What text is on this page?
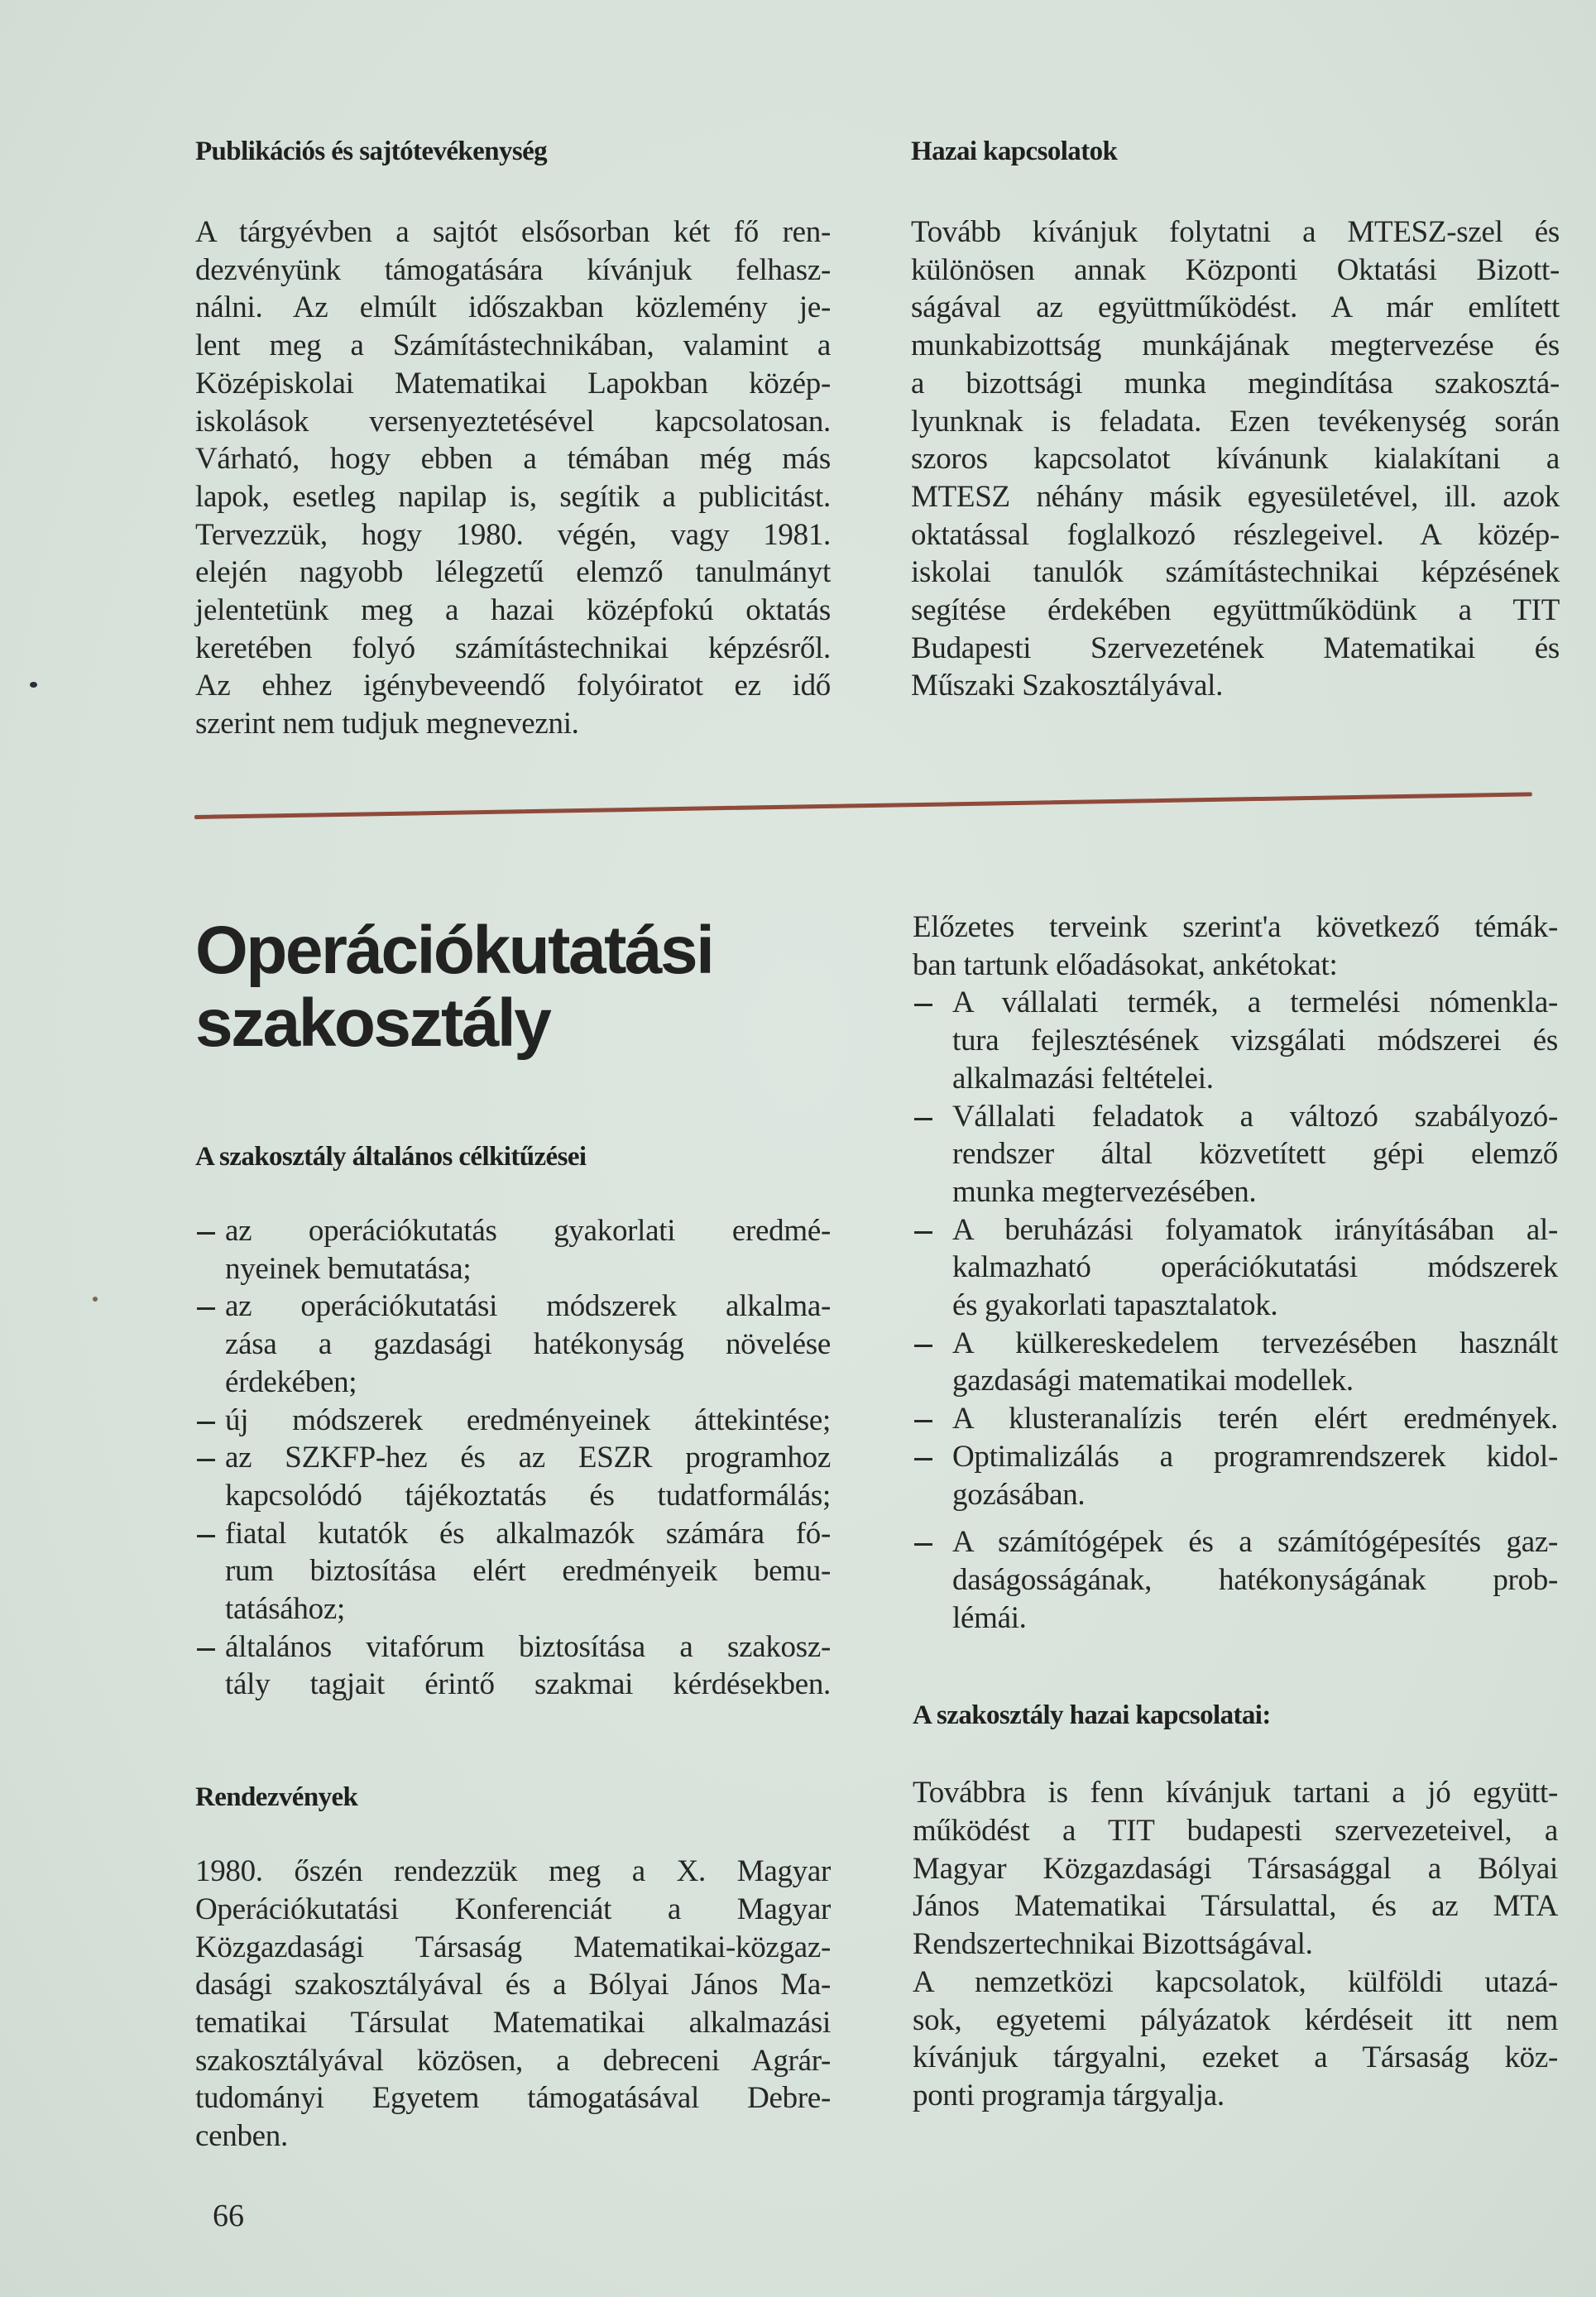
Publikációs és sajtótevékenység
A tárgyévben a sajtót elsősorban két fő ren-
dezvényünk támogatására kívánjuk felhasz-
nálni. Az elmúlt időszakban közlemény je-
lent meg a Számítástechnikában, valamint a
Középiskolai Matematikai Lapokban közép-
iskolások versenyeztetésével kapcsolatosan.
Várható, hogy ebben a témában még más
lapok, esetleg napilap is, segítik a publicitást.
Tervezzük, hogy 1980. végén, vagy 1981.
elején nagyobb lélegzetű elemző tanulmányt
jelentetünk meg a hazai középfokú oktatás
keretében folyó számítástechnikai képzésről.
Az ehhez igénybeveendő folyóiratot ez idő
szerint nem tudjuk megnevezni.
Hazai kapcsolatok
Tovább kívánjuk folytatni a MTESZ-szel és
különösen annak Központi Oktatási Bizott-
ságával az együttműködést. A már említett
munkabizottság munkájának megtervezése és
a bizottsági munka megindítása szakosztá-
lyunknak is feladata. Ezen tevékenység során
szoros kapcsolatot kívánunk kialakítani a
MTESZ néhány másik egyesületével, ill. azok
oktatással foglalkozó részlegeivel. A közép-
iskolai tanulók számítástechnikai képzésének
segítése érdekében együttműködünk a TIT
Budapesti Szervezetének Matematikai és
Műszaki Szakosztályával.
Operációkutatási
szakosztály
A szakosztály általános célkitűzései
az operációkutatás gyakorlati eredmé-
nyeinek bemutatása;
az operációkutatási módszerek alkalma-
zása a gazdasági hatékonyság növelése
érdekében;
új módszerek eredményeinek áttekintése;
az SZKFP-hez és az ESZR programhoz
kapcsolódó tájékoztatás és tudatformálás;
fiatal kutatók és alkalmazók számára fó-
rum biztosítása elért eredményeik bemu-
tatásához;
általános vitafórum biztosítása a szakosz-
tály tagjait érintő szakmai kérdésekben.
Rendezvények
1980. őszén rendezzük meg a X. Magyar
Operációkutatási Konferenciát a Magyar
Közgazdasági Társaság Matematikai-közgaz-
dasági szakosztályával és a Bólyai János Ma-
tematikai Társulat Matematikai alkalmazási
szakosztályával közösen, a debreceni Agrár-
tudományi Egyetem támogatásával Debre-
cenben.
Előzetes terveink szerint'a következő témák-
ban tartunk előadásokat, ankétokat:
A vállalati termék, a termelési nómenkla-
tura fejlesztésének vizsgálati módszerei és
alkalmazási feltételei.
Vállalati feladatok a változó szabályozó-
rendszer által közvetített gépi elemző
munka megtervezésében.
A beruházási folyamatok irányításában al-
kalmazható operációkutatási módszerek
és gyakorlati tapasztalatok.
A külkereskedelem tervezésében használt
gazdasági matematikai modellek.
A klusteranalízis terén elért eredmények.
Optimalizálás a programrendszerek kidol-
gozásában.
A számítógépek és a számítógépesítés gaz-
daságosságának, hatékonyságának prob-
lémái.
A szakosztály hazai kapcsolatai:
Továbbra is fenn kívánjuk tartani a jó együtt-
működést a TIT budapesti szervezeteivel, a
Magyar Közgazdasági Társasággal a Bólyai
János Matematikai Társulattal, és az MTA
Rendszertechnikai Bizottságával.
A nemzetközi kapcsolatok, külföldi utazá-
sok, egyetemi pályázatok kérdéseit itt nem
kívánjuk tárgyalni, ezeket a Társaság köz-
ponti programja tárgyalja.
66
